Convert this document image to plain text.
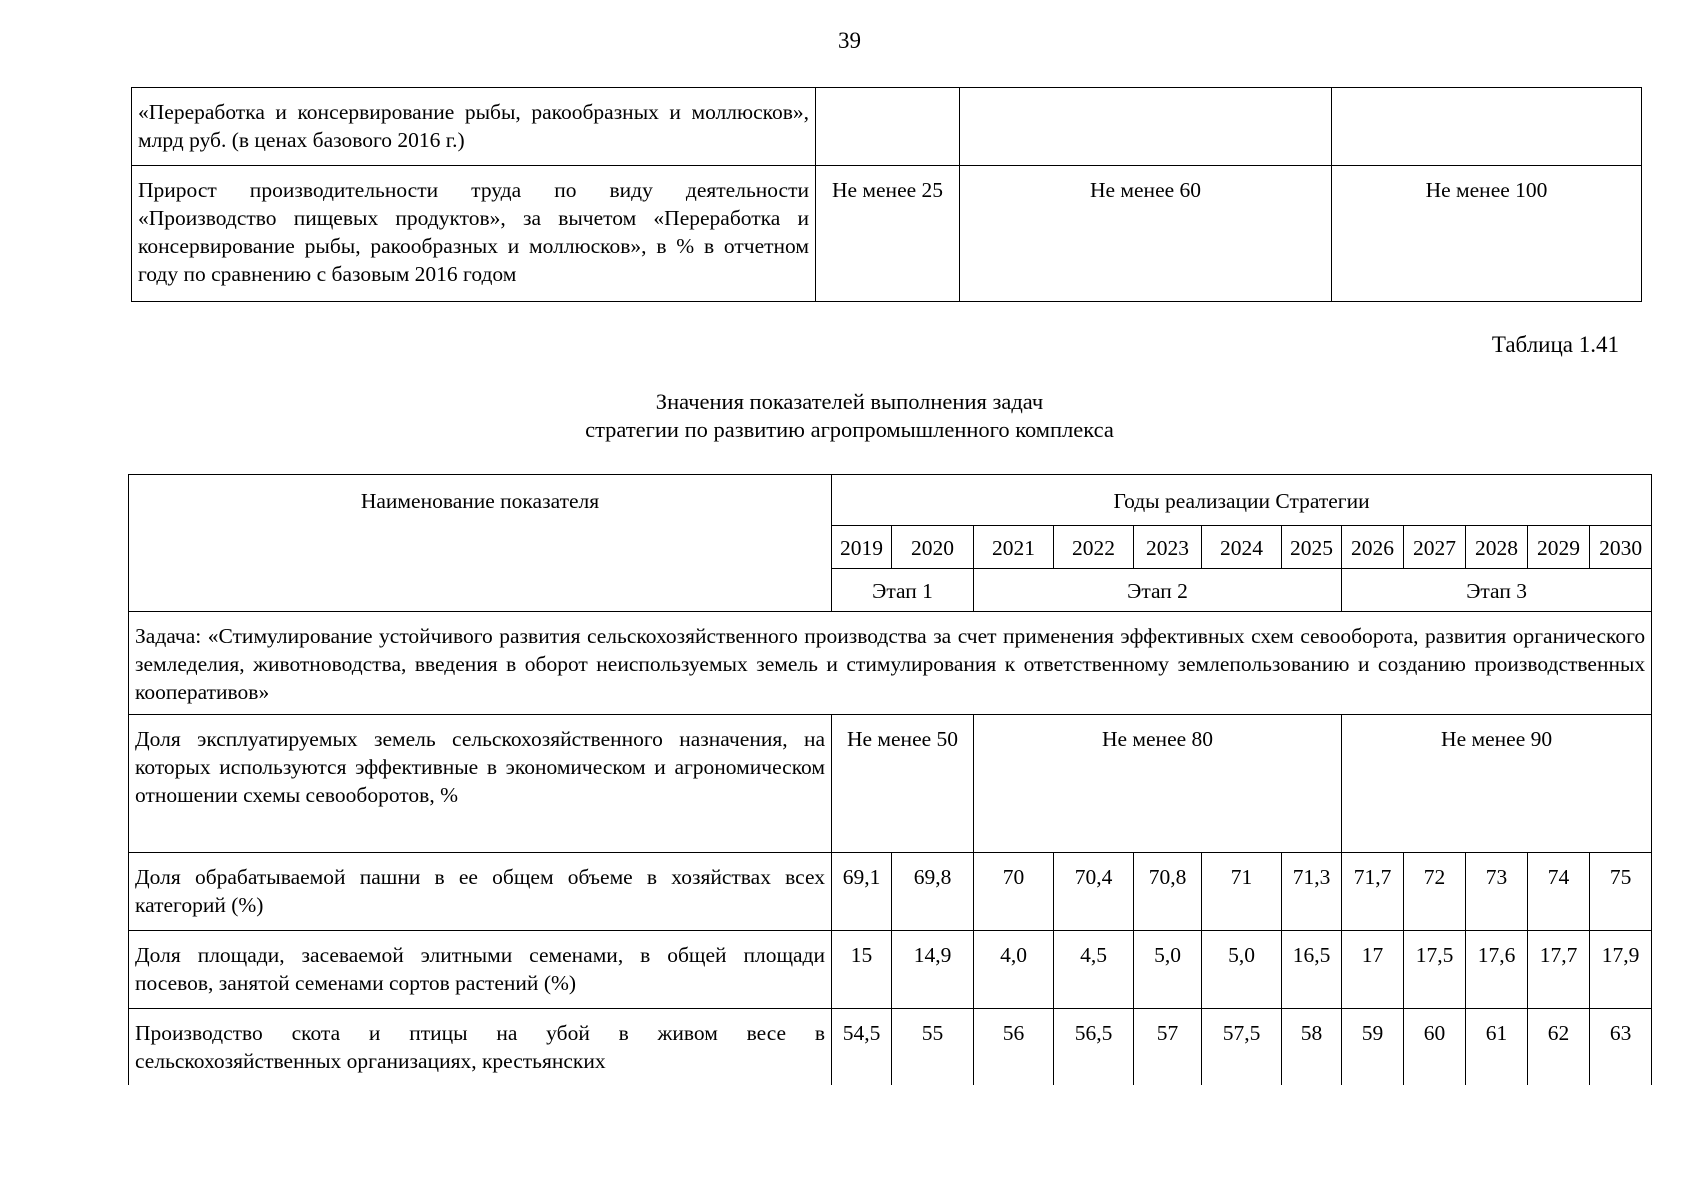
39
«Переработка и консервирование рыбы, ракообразных и моллюсков», млрд руб. (в ценах базового 2016 г.)			
Прирост производительности труда по виду деятельности «Производство пищевых продуктов», за вычетом «Переработка и консервирование рыбы, ракообразных и моллюсков», в % в отчетном году по сравнению с базовым 2016 годом	Не менее 25	Не менее 60	Не менее 100
Таблица 1.41
Значения показателей выполнения задач
стратегии по развитию агропромышленного комплекса
Наименование показателя	Годы реализации Стратегии											
	2019	2020	2021	2022	2023	2024	2025	2026	2027	2028	2029	2030
	Этап 1		Этап 2					Этап 3				
Задача: «Стимулирование устойчивого развития сельскохозяйственного производства за счет применения эффективных схем севооборота, развития органического земледелия, животноводства, введения в оборот неиспользуемых земель и стимулирования к ответственному землепользованию и созданию производственных кооперативов»												
Доля эксплуатируемых земель сельскохозяйственного назначения, на которых используются эффективные в экономическом и агрономическом отношении схемы севооборотов, %	Не менее 50		Не менее 80					Не менее 90				
Доля обрабатываемой пашни в ее общем объеме в хозяйствах всех категорий (%)	69,1	69,8	70	70,4	70,8	71	71,3	71,7	72	73	74	75
Доля площади, засеваемой элитными семенами, в общей площади посевов, занятой семенами сортов растений (%)	15	14,9	4,0	4,5	5,0	5,0	16,5	17	17,5	17,6	17,7	17,9
Производство скота и птицы на убой в живом весе в сельскохозяйственных организациях, крестьянских	54,5	55	56	56,5	57	57,5	58	59	60	61	62	63
